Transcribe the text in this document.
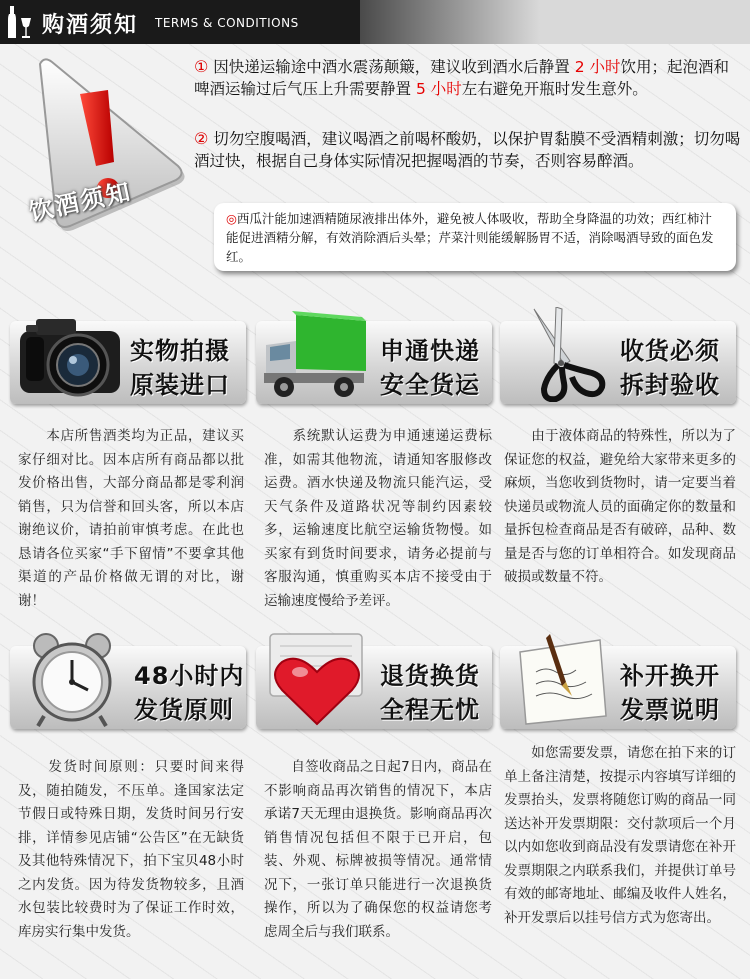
购酒须知 TERMS & CONDITIONS
饮酒须知
① 因快递运输途中酒水震荡颠簸，建议收到酒水后静置 2 小时饮用；起泡酒和啤酒运输过后气压上升需要静置 5 小时左右避免开瓶时发生意外。
② 切勿空腹喝酒，建议喝酒之前喝杯酸奶，以保护胃黏膜不受酒精刺激；切勿喝酒过快，根据自己身体实际情况把握喝酒的节奏，否则容易醉酒。
◎西瓜汁能加速酒精随尿液排出体外，避免被人体吸收，帮助全身降温的功效；西红柿汁能促进酒精分解，有效消除酒后头晕；芹菜汁则能缓解肠胃不适，消除喝酒导致的面色发红。
实物拍摄
原装进口
　　本店所售酒类均为正品，建议买家仔细对比。因本店所有商品都以批发价格出售，大部分商品都是零利润销售，只为信誉和回头客，所以本店谢绝议价，请拍前审慎考虑。在此也恳请各位买家“手下留情”不要拿其他渠道的产品价格做无谓的对比，谢谢！
申通快递
安全货运
　　系统默认运费为申通速递运费标准，如需其他物流，请通知客服修改运费。酒水快递及物流只能汽运，受天气条件及道路状况等制约因素较多，运输速度比航空运输货物慢。如买家有到货时间要求，请务必提前与客服沟通，慎重购买本店不接受由于运输速度慢给予差评。
收货必须
拆封验收
　　由于液体商品的特殊性，所以为了保证您的权益，避免给大家带来更多的麻烦，当您收到货物时，请一定要当着快递员或物流人员的面确定你的数量和量拆包检查商品是否有破碎，品种、数量是否与您的订单相符合。如发现商品破损或数量不符。
48小时内
发货原则
　　发货时间原则：只要时间来得及，随拍随发，不压单。逢国家法定节假日或特殊日期，发货时间另行安排，详情参见店铺“公告区”在无缺货及其他特殊情况下，拍下宝贝48小时之内发货。因为待发货物较多，且酒水包装比较费时为了保证工作时效，库房实行集中发货。
退货换货
全程无忧
　　自签收商品之日起7日内，商品在不影响商品再次销售的情况下，本店承诺7天无理由退换货。影响商品再次销售情况包括但不限于已开启，包装、外观、标牌被损等情况。通常情况下，一张订单只能进行一次退换货操作，所以为了确保您的权益请您考虑周全后与我们联系。
补开换开
发票说明
　　如您需要发票，请您在拍下来的订单上备注清楚，按提示内容填写详细的发票抬头，发票将随您订购的商品一同送达补开发票期限：交付款项后一个月以内如您收到商品没有发票请您在补开发票期限之内联系我们，并提供订单号有效的邮寄地址、邮编及收件人姓名，补开发票后以挂号信方式为您寄出。
